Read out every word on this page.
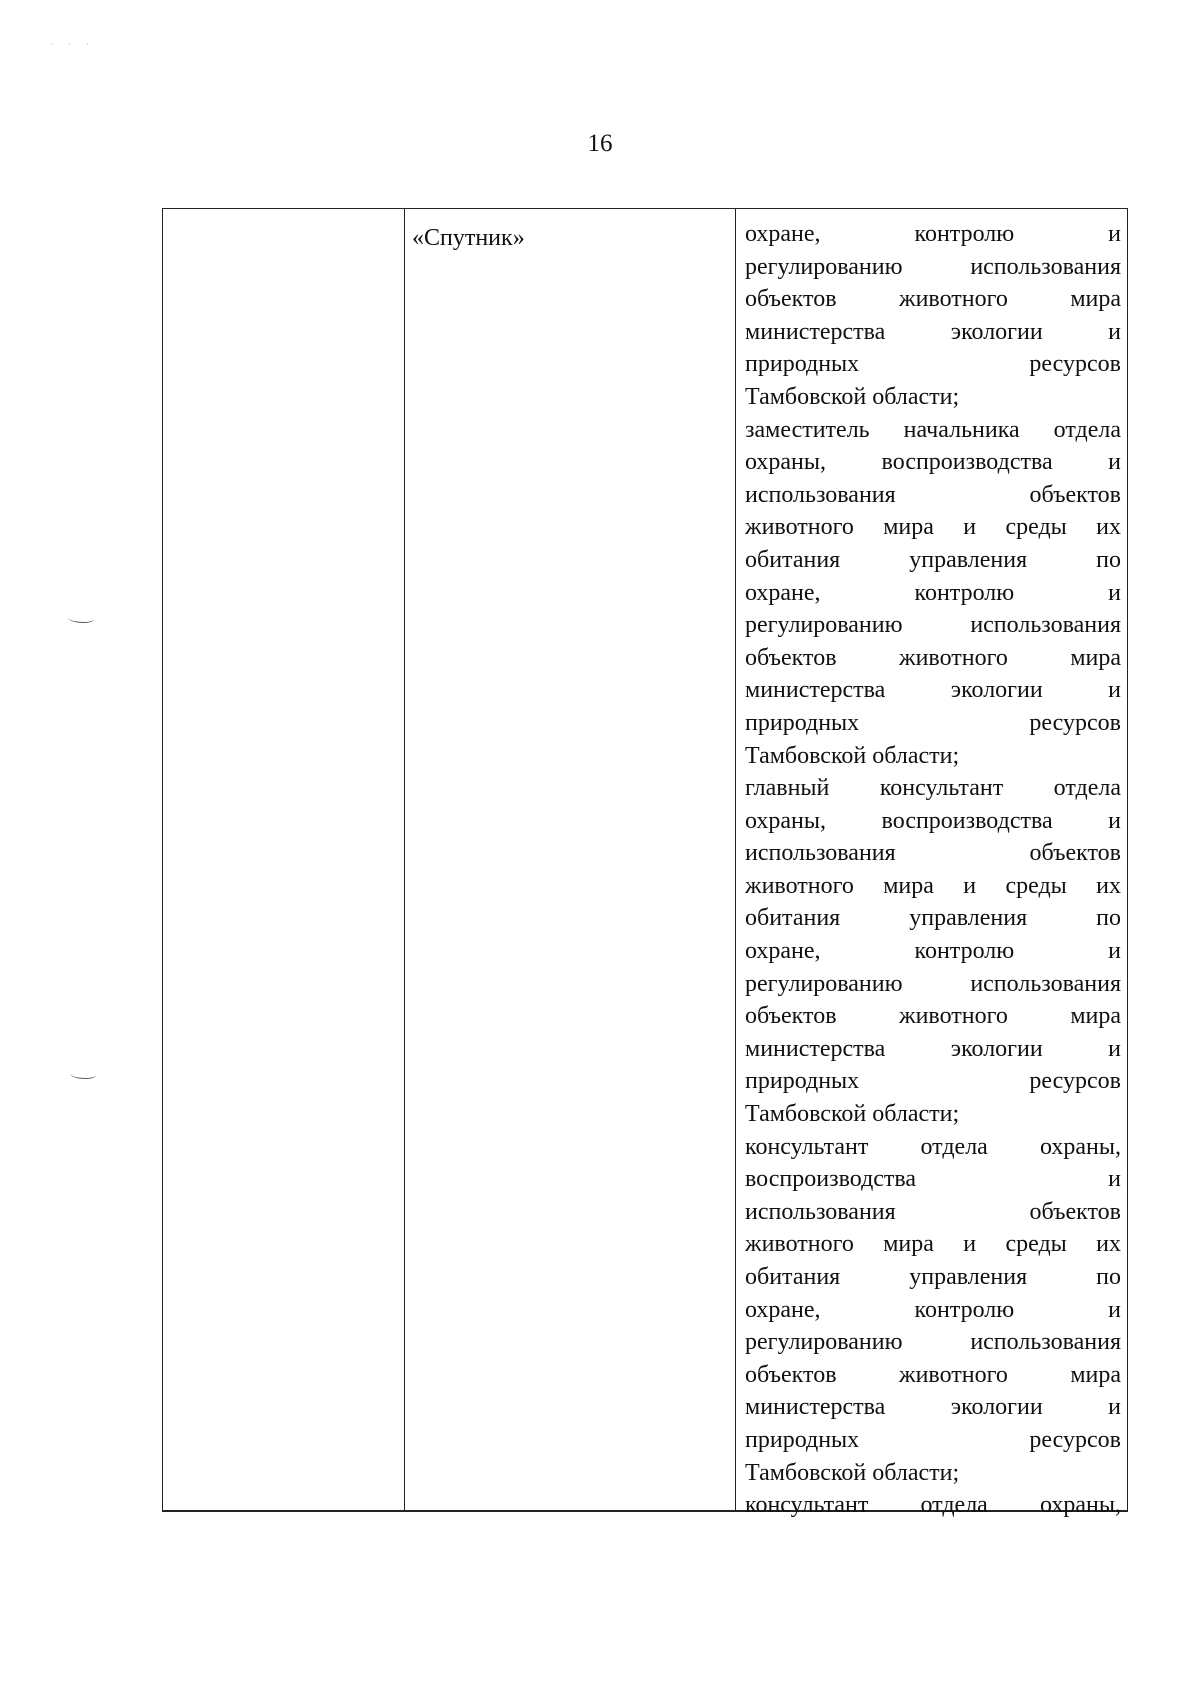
· · ·
16
«Спутник»	охране, контролю и
регулированию использования
объектов животного мира
министерства экологии и
природных ресурсов
Тамбовской области;
заместитель начальника отдела
охраны, воспроизводства и
использования объектов
животного мира и среды их
обитания управления по
охране, контролю и
регулированию использования
объектов животного мира
министерства экологии и
природных ресурсов
Тамбовской области;
главный консультант отдела
охраны, воспроизводства и
использования объектов
животного мира и среды их
обитания управления по
охране, контролю и
регулированию использования
объектов животного мира
министерства экологии и
природных ресурсов
Тамбовской области;
консультант отдела охраны,
воспроизводства и
использования объектов
животного мира и среды их
обитания управления по
охране, контролю и
регулированию использования
объектов животного мира
министерства экологии и
природных ресурсов
Тамбовской области;
консультант отдела охраны,
